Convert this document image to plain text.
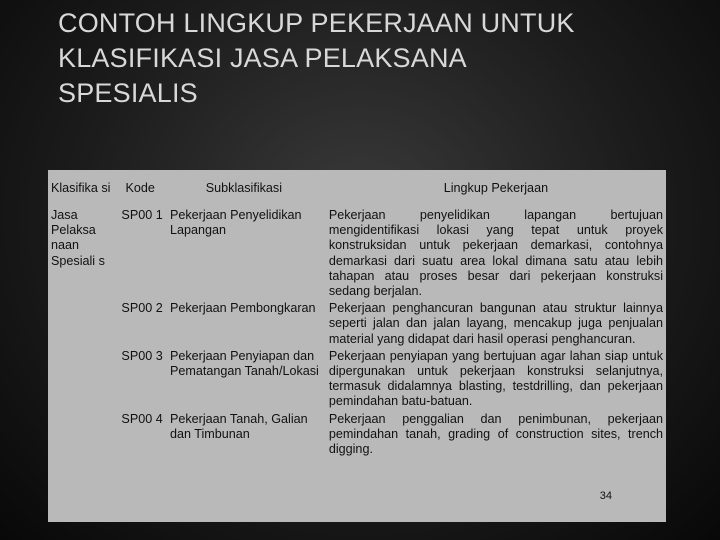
CONTOH LINGKUP PEKERJAAN UNTUK
KLASIFIKASI JASA PELAKSANA
SPESIALIS
Klasifika si	Kode	Subklasifikasi	Lingkup Pekerjaan
Jasa Pelaksa naan Spesiali s	SP00 1	Pekerjaan Penyelidikan Lapangan	Pekerjaan penyelidikan lapangan bertujuan mengidentifikasi lokasi yang tepat untuk proyek konstruksidan untuk pekerjaan demarkasi, contohnya demarkasi dari suatu area lokal dimana satu atau lebih tahapan atau proses besar dari pekerjaan konstruksi sedang berjalan.
	SP00 2	Pekerjaan Pembongkaran	Pekerjaan penghancuran bangunan atau struktur lainnya seperti jalan dan jalan layang, mencakup juga penjualan material yang didapat dari hasil operasi penghancuran.
	SP00 3	Pekerjaan Penyiapan dan Pematangan Tanah/Lokasi	Pekerjaan penyiapan yang bertujuan agar lahan siap untuk dipergunakan untuk pekerjaan konstruksi selanjutnya, termasuk didalamnya blasting, testdrilling, dan pekerjaan pemindahan batu-batuan.
	SP00 4	Pekerjaan Tanah, Galian dan Timbunan	Pekerjaan penggalian dan penimbunan, pekerjaan pemindahan tanah, grading of construction sites, trench digging.
34
